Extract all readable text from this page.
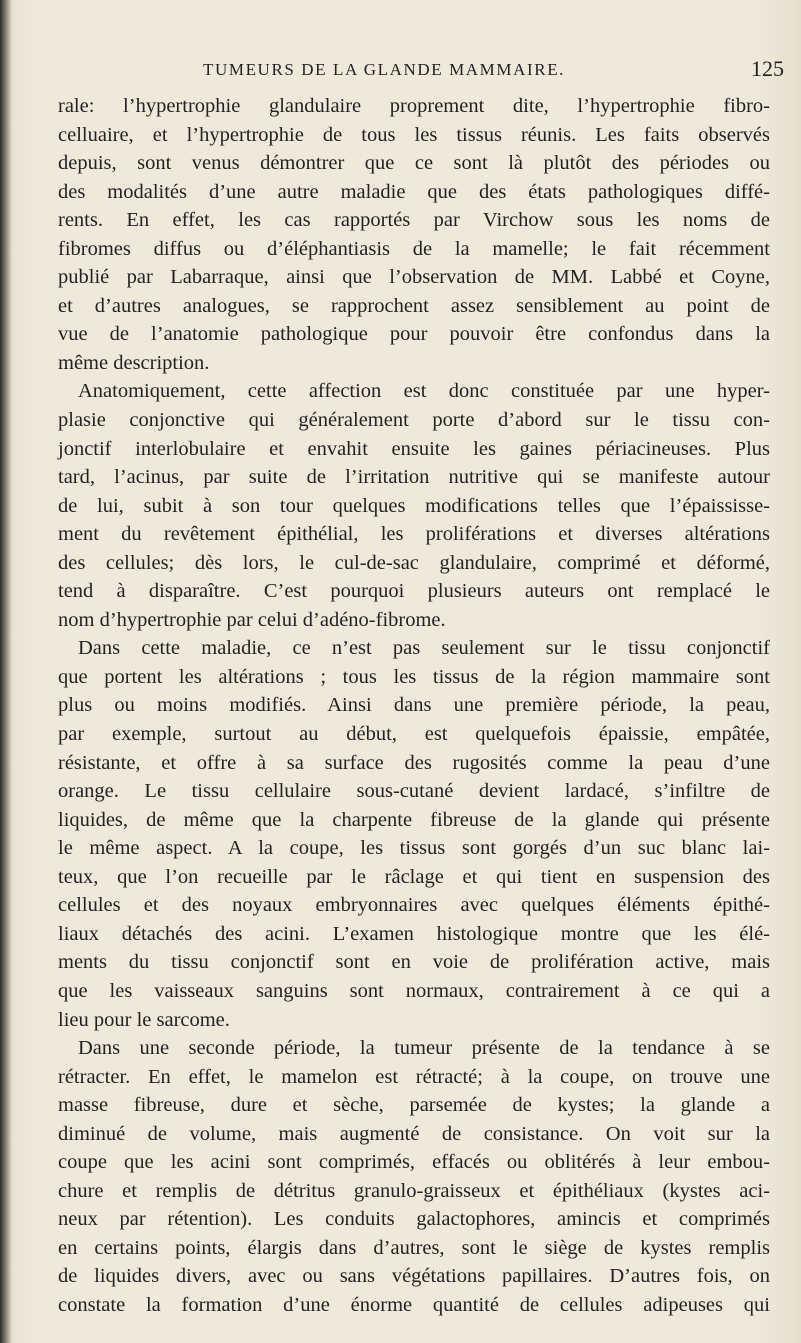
TUMEURS DE LA GLANDE MAMMAIRE.	125
rale: l’hypertrophie glandulaire proprement dite, l’hypertrophie fibro-
celluaire, et l’hypertrophie de tous les tissus réunis. Les faits observés
depuis, sont venus démontrer que ce sont là plutôt des périodes ou
des modalités d’une autre maladie que des états pathologiques diffé-
rents. En effet, les cas rapportés par Virchow sous les noms de
fibromes diffus ou d’éléphantiasis de la mamelle; le fait récemment
publié par Labarraque, ainsi que l’observation de MM. Labbé et Coyne,
et d’autres analogues, se rapprochent assez sensiblement au point de
vue de l’anatomie pathologique pour pouvoir être confondus dans la
même description.
Anatomiquement, cette affection est donc constituée par une hyper-
plasie conjonctive qui généralement porte d’abord sur le tissu con-
jonctif interlobulaire et envahit ensuite les gaines périacineuses. Plus
tard, l’acinus, par suite de l’irritation nutritive qui se manifeste autour
de lui, subit à son tour quelques modifications telles que l’épaississe-
ment du revêtement épithélial, les proliférations et diverses altérations
des cellules; dès lors, le cul-de-sac glandulaire, comprimé et déformé,
tend à disparaître. C’est pourquoi plusieurs auteurs ont remplacé le
nom d’hypertrophie par celui d’adéno-fibrome.
Dans cette maladie, ce n’est pas seulement sur le tissu conjonctif
que portent les altérations ; tous les tissus de la région mammaire sont
plus ou moins modifiés. Ainsi dans une première période, la peau,
par exemple, surtout au début, est quelquefois épaissie, empâtée,
résistante, et offre à sa surface des rugosités comme la peau d’une
orange. Le tissu cellulaire sous-cutané devient lardacé, s’infiltre de
liquides, de même que la charpente fibreuse de la glande qui présente
le même aspect. A la coupe, les tissus sont gorgés d’un suc blanc lai-
teux, que l’on recueille par le râclage et qui tient en suspension des
cellules et des noyaux embryonnaires avec quelques éléments épithé-
liaux détachés des acini. L’examen histologique montre que les élé-
ments du tissu conjonctif sont en voie de prolifération active, mais
que les vaisseaux sanguins sont normaux, contrairement à ce qui a
lieu pour le sarcome.
Dans une seconde période, la tumeur présente de la tendance à se
rétracter. En effet, le mamelon est rétracté; à la coupe, on trouve une
masse fibreuse, dure et sèche, parsemée de kystes; la glande a
diminué de volume, mais augmenté de consistance. On voit sur la
coupe que les acini sont comprimés, effacés ou oblitérés à leur embou-
chure et remplis de détritus granulo-graisseux et épithéliaux (kystes aci-
neux par rétention). Les conduits galactophores, amincis et comprimés
en certains points, élargis dans d’autres, sont le siège de kystes remplis
de liquides divers, avec ou sans végétations papillaires. D’autres fois, on
constate la formation d’une énorme quantité de cellules adipeuses qui
